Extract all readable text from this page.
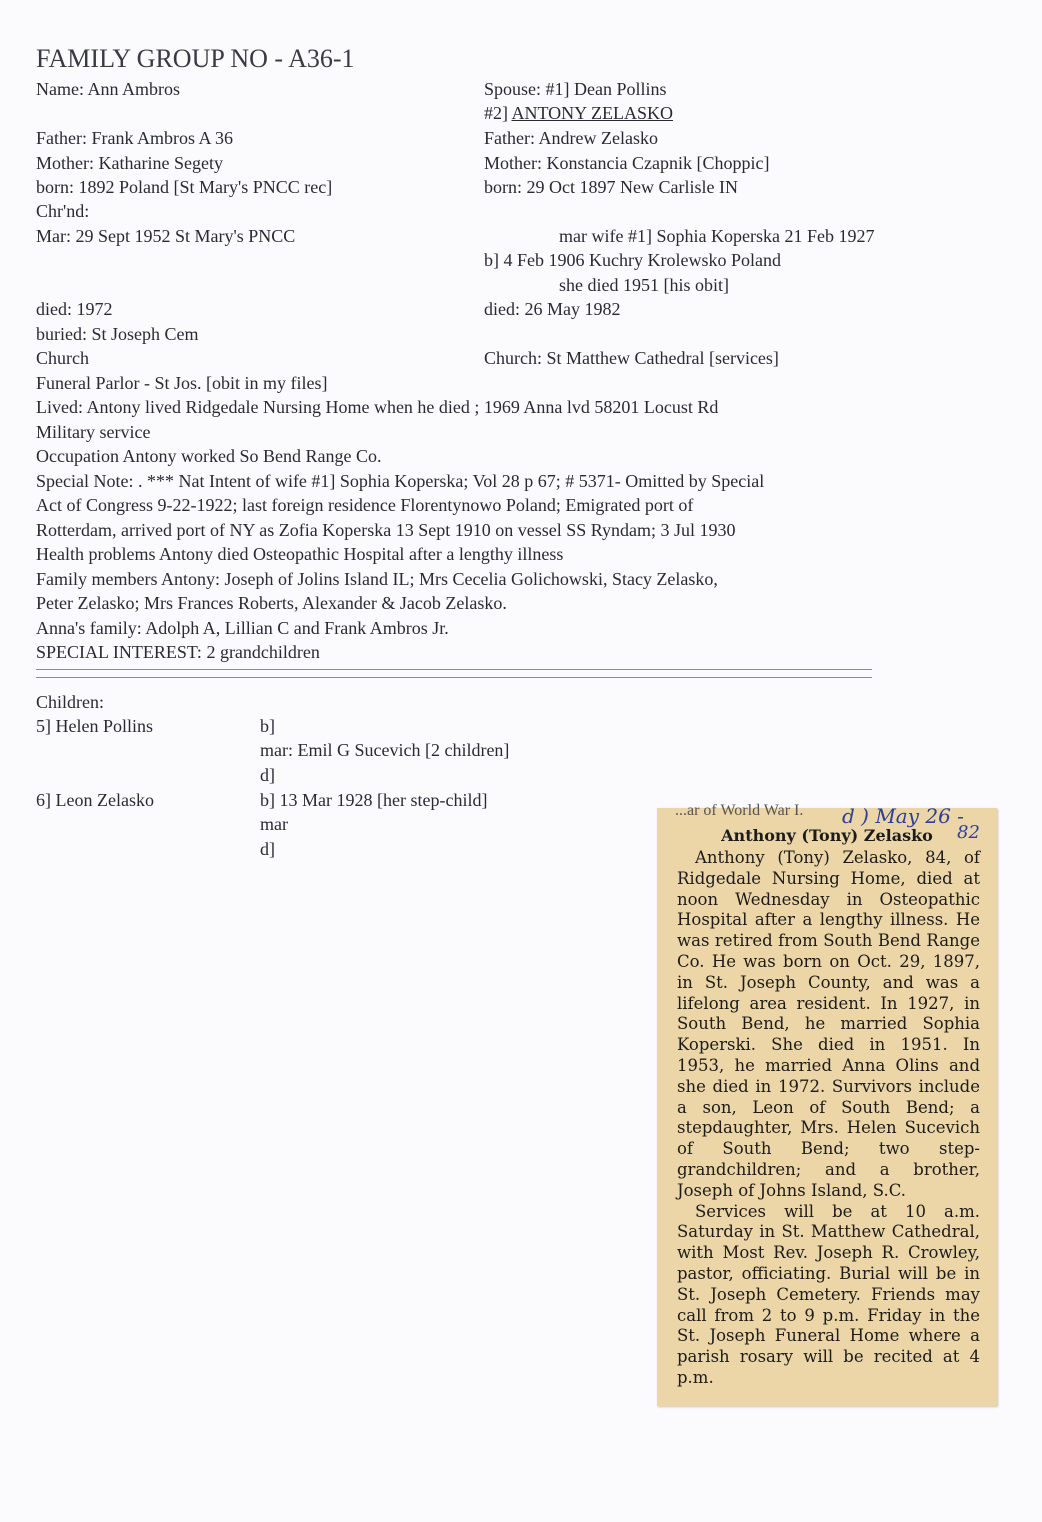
FAMILY GROUP NO - A36-1
Name: Ann Ambros
Father: Frank Ambros A 36
Mother: Katharine Segety
born: 1892 Poland [St Mary's PNCC rec]
Chr'nd:
Mar: 29 Sept 1952 St Mary's PNCC
died: 1972
buried: St Joseph Cem
Church
Spouse: #1] Dean Pollins
#2] ANTONY ZELASKO
Father: Andrew Zelasko
Mother: Konstancia Czapnik [Choppic]
born: 29 Oct 1897 New Carlisle IN
mar wife #1] Sophia Koperska 21 Feb 1927
b] 4 Feb 1906 Kuchry Krolewsko Poland
she died 1951 [his obit]
died: 26 May 1982
Church: St Matthew Cathedral [services]
Funeral Parlor - St Jos. [obit in my files]
Lived: Antony lived Ridgedale Nursing Home when he died ; 1969 Anna lvd 58201 Locust Rd
Military service
Occupation Antony worked So Bend Range Co.
Special Note: . *** Nat Intent of wife #1] Sophia Koperska; Vol 28 p 67; # 5371- Omitted by Special
Act of Congress 9-22-1922; last foreign residence Florentynowo Poland; Emigrated port of
Rotterdam, arrived port of NY as Zofia Koperska 13 Sept 1910 on vessel SS Ryndam; 3 Jul 1930
Health problems Antony died Osteopathic Hospital after a lengthy illness
Family members Antony: Joseph of Jolins Island IL; Mrs Cecelia Golichowski, Stacy Zelasko,
Peter Zelasko; Mrs Frances Roberts, Alexander & Jacob Zelasko.
Anna's family: Adolph A, Lillian C and Frank Ambros Jr.
SPECIAL INTEREST: 2 grandchildren
Children:
5] Helen Pollins	b]
mar: Emil G Sucevich [2 children]
d]
6] Leon Zelasko	b] 13 Mar 1928 [her step-child]
mar
d]
...ar of World War I. d ) May 26 -
82
Anthony (Tony) Zelasko

Anthony (Tony) Zelasko, 84, of Ridgedale Nursing Home, died at noon Wednesday in Osteopathic Hospital after a lengthy illness. He was retired from South Bend Range Co. He was born on Oct. 29, 1897, in St. Joseph County, and was a lifelong area resident. In 1927, in South Bend, he married Sophia Koperski. She died in 1951. In 1953, he married Anna Olins and she died in 1972. Survivors include a son, Leon of South Bend; a stepdaughter, Mrs. Helen Sucevich of South Bend; two step-grandchildren; and a brother, Joseph of Johns Island, S.C.

Services will be at 10 a.m. Saturday in St. Matthew Cathedral, with Most Rev. Joseph R. Crowley, pastor, officiating. Burial will be in St. Joseph Cemetery. Friends may call from 2 to 9 p.m. Friday in the St. Joseph Funeral Home where a parish rosary will be recited at 4 p.m.
